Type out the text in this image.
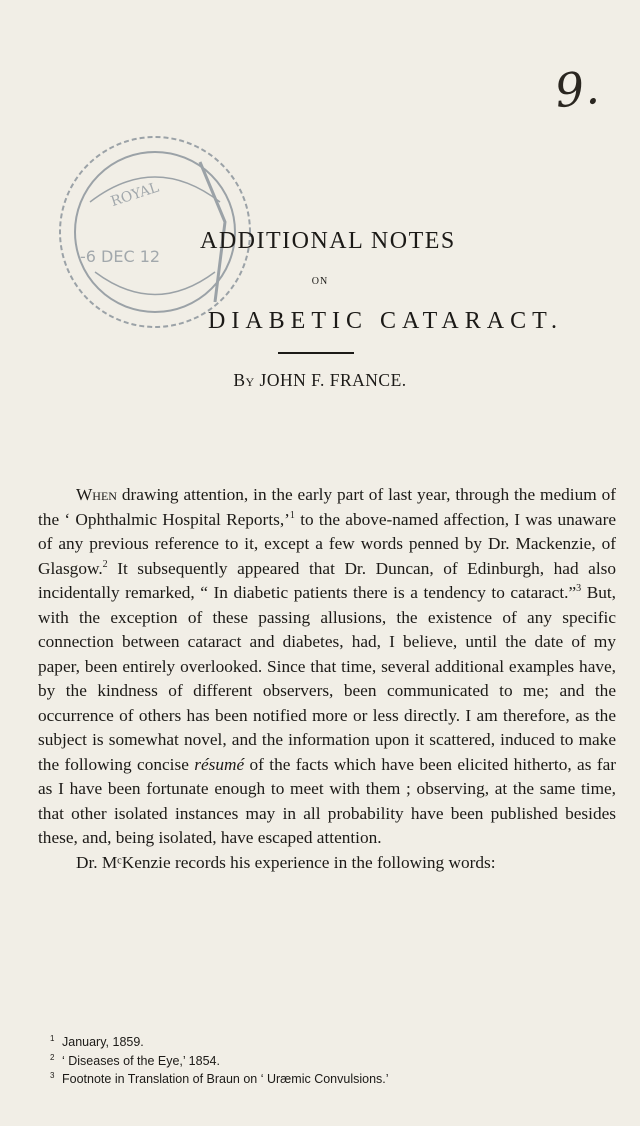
9.
ROYAL
-6 DEC 12
ADDITIONAL NOTES
ON
DIABETIC CATARACT.
By JOHN F. FRANCE.

When drawing attention, in the early part of last year, through the medium of the ‘ Ophthalmic Hospital Reports,’$^1$ to the above-named affection, I was unaware of any previous reference to it, except a few words penned by Dr. Mackenzie, of Glasgow.$^2$ It subsequently appeared that Dr. Duncan, of Edinburgh, had also incidentally remarked, “ In diabetic patients there is a tendency to cataract.”$^3$ But, with the exception of these passing allusions, the existence of any specific connection between cataract and diabetes, had, I believe, until the date of my paper, been entirely overlooked. Since that time, several additional examples have, by the kindness of different observers, been communicated to me; and the occurrence of others has been notified more or less directly. I am therefore, as the subject is somewhat novel, and the information upon it scattered, induced to make the following concise résumé of the facts which have been elicited hitherto, as far as I have been fortunate enough to meet with them ; observing, at the same time, that other isolated instances may in all probability have been published besides these, and, being isolated, have escaped attention.

Dr. MᶜKenzie records his experience in the following words:

1 January, 1859.
2 ‘ Diseases of the Eye,’ 1854.
3 Footnote in Translation of Braun on ‘ Uræmic Convulsions.’
